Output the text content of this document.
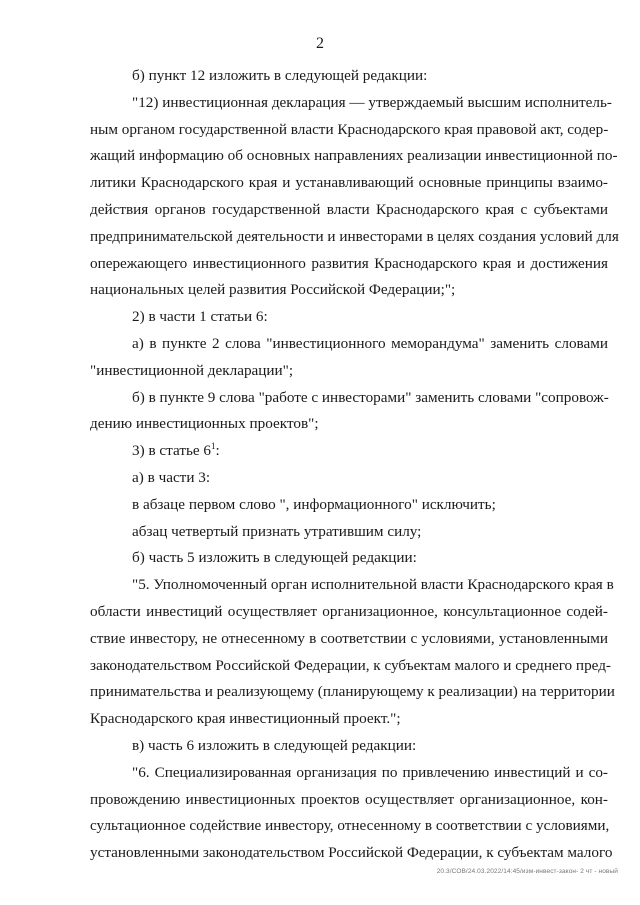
2
б) пункт 12 изложить в следующей редакции:
"12) инвестиционная декларация — утверждаемый высшим исполнитель-
ным органом государственной власти Краснодарского края правовой акт, содер-
жащий информацию об основных направлениях реализации инвестиционной по-
литики Краснодарского края и устанавливающий основные принципы взаимо-
действия органов государственной власти Краснодарского края с субъектами
предпринимательской деятельности и инвесторами в целях создания условий для
опережающего инвестиционного развития Краснодарского края и достижения
национальных целей развития Российской Федерации;";
2) в части 1 статьи 6:
а) в пункте 2 слова "инвестиционного меморандума" заменить словами
"инвестиционной декларации";
б) в пункте 9 слова "работе с инвесторами" заменить словами "сопровож-
дению инвестиционных проектов";
3) в статье $6^1$:
а) в части 3:
в абзаце первом слово ", информационного" исключить;
абзац четвертый признать утратившим силу;
б) часть 5 изложить в следующей редакции:
"5. Уполномоченный орган исполнительной власти Краснодарского края в
области инвестиций осуществляет организационное, консультационное содей-
ствие инвестору, не отнесенному в соответствии с условиями, установленными
законодательством Российской Федерации, к субъектам малого и среднего пред-
принимательства и реализующему (планирующему к реализации) на территории
Краснодарского края инвестиционный проект.";
в) часть 6 изложить в следующей редакции:
"6. Специализированная организация по привлечению инвестиций и со-
провождению инвестиционных проектов осуществляет организационное, кон-
сультационное содействие инвестору, отнесенному в соответствии с условиями,
установленными законодательством Российской Федерации, к субъектам малого
20.3/СОВ/24.03.2022/14:45/изм-инвест-закон- 2 чт - новый
